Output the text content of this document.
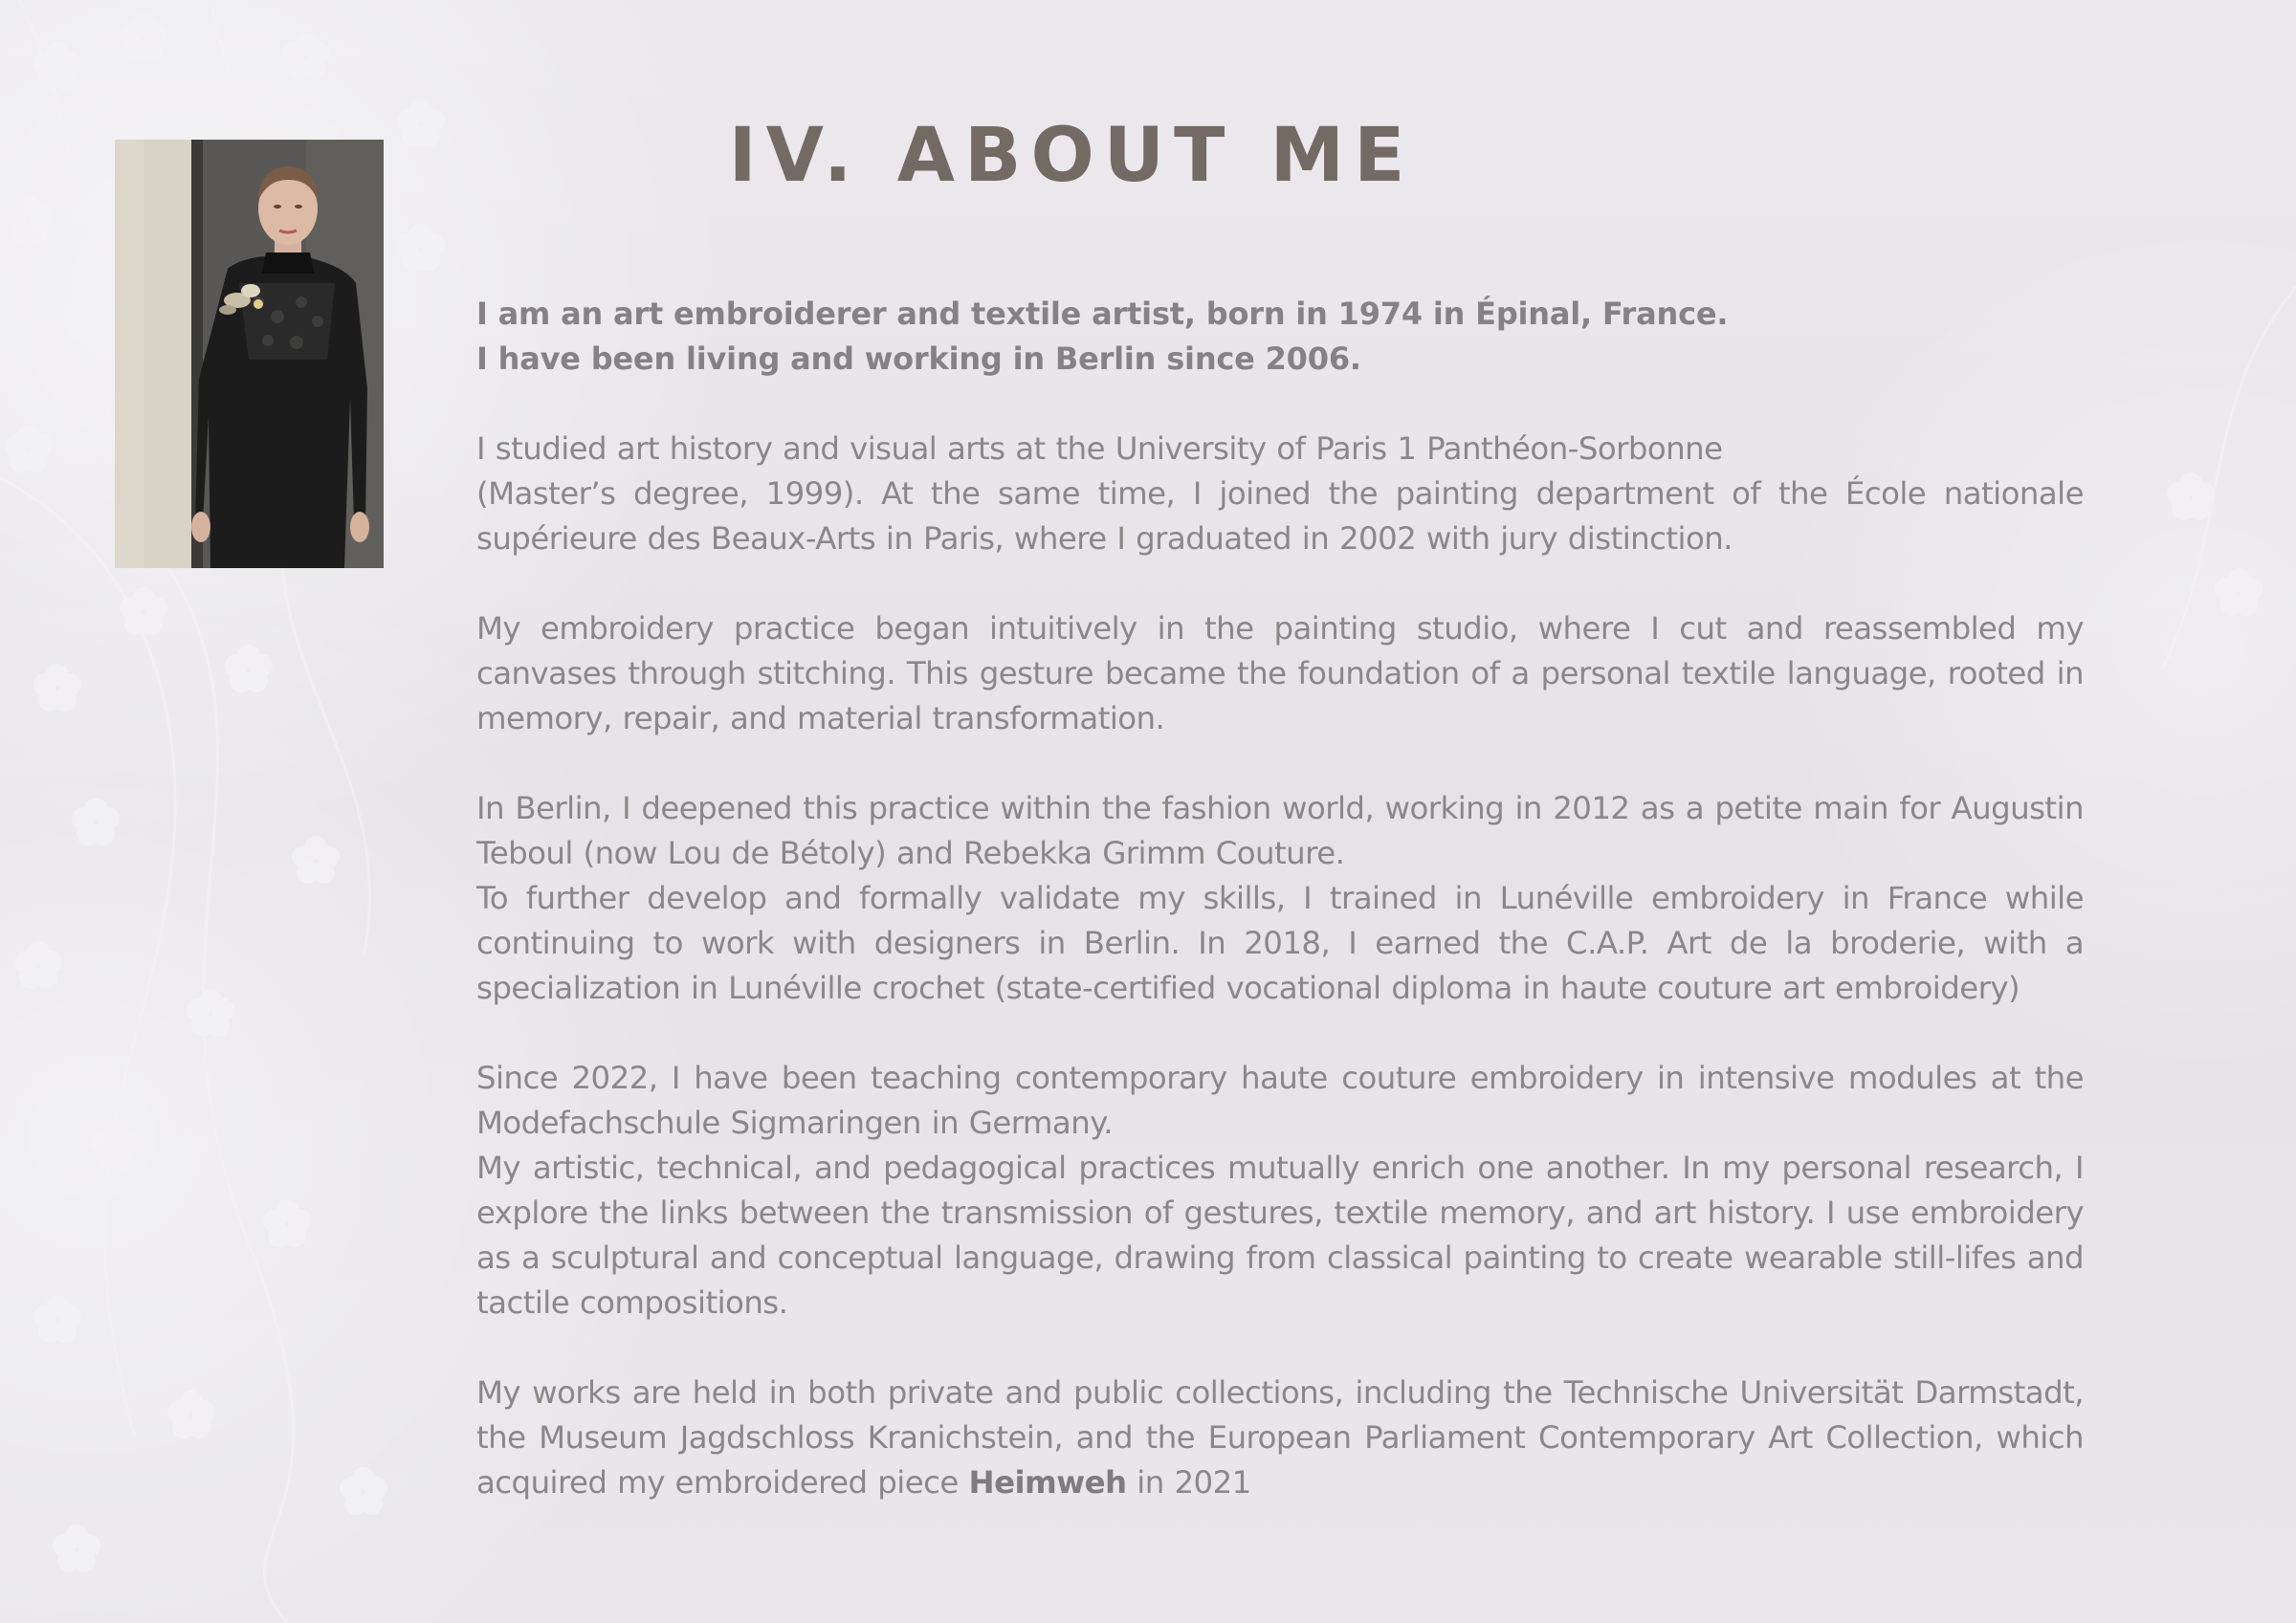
IV. ABOUT ME

I am an art embroiderer and textile artist, born in 1974 in Épinal, France.

I have been living and working in Berlin since 2006.

I studied art history and visual arts at the University of Paris 1 Panthéon-Sorbonne

(Master’s degree, 1999). At the same time, I joined the painting department of the École nationale supérieure des Beaux-Arts in Paris, where I graduated in 2002 with jury distinction.

My embroidery practice began intuitively in the painting studio, where I cut and reassembled my canvases through stitching. This gesture became the foundation of a personal textile language, rooted in memory, repair, and material transformation.

In Berlin, I deepened this practice within the fashion world, working in 2012 as a petite main for Augustin Teboul (now Lou de Bétoly) and Rebekka Grimm Couture.

To further develop and formally validate my skills, I trained in Lunéville embroidery in France while continuing to work with designers in Berlin. In 2018, I earned the C.A.P. Art de la broderie, with a specialization in Lunéville crochet (state-certified vocational diploma in haute couture art embroidery)

Since 2022, I have been teaching contemporary haute couture embroidery in intensive modules at the Modefachschule Sigmaringen in Germany.

My artistic, technical, and pedagogical practices mutually enrich one another. In my personal research, I explore the links between the transmission of gestures, textile memory, and art history. I use embroidery as a sculptural and conceptual language, drawing from classical painting to create wearable still-lifes and tactile compositions.

My works are held in both private and public collections, including the Technische Universität Darmstadt, the Museum Jagdschloss Kranichstein, and the European Parliament Contemporary Art Collection, which acquired my embroidered piece Heimweh in 2021
